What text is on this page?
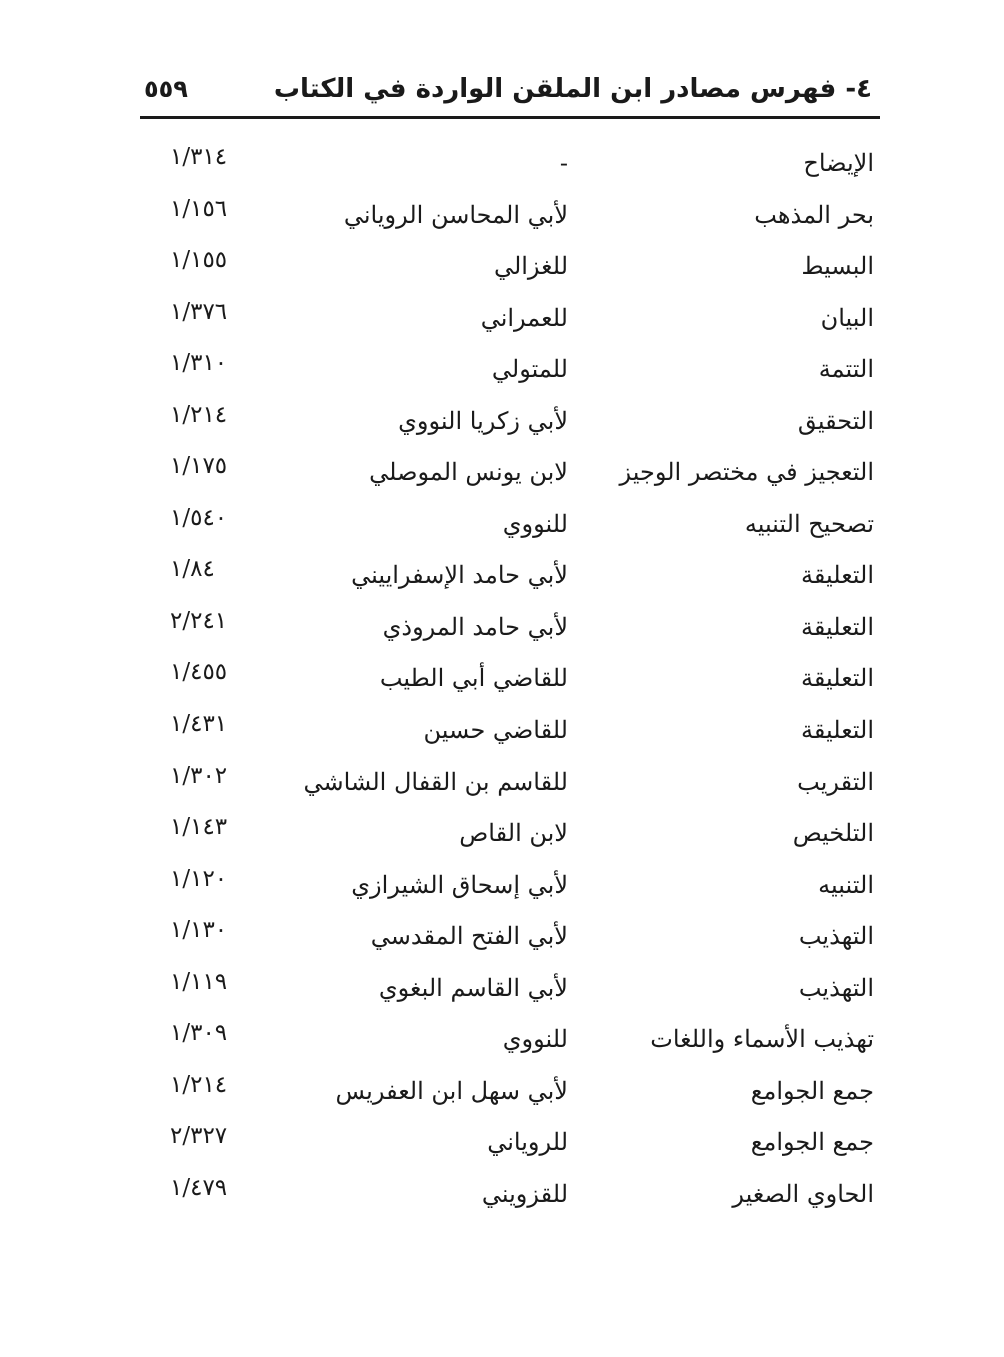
٤- فهرس مصادر ابن الملقن الواردة في الكتاب
٥٥٩
الإيضاح
-
١/٣١٤
بحر المذهب
لأبي المحاسن الروياني
١/١٥٦
البسيط
للغزالي
١/١٥٥
البيان
للعمراني
١/٣٧٦
التتمة
للمتولي
١/٣١٠
التحقيق
لأبي زكريا النووي
١/٢١٤
التعجيز في مختصر الوجيز
لابن يونس الموصلي
١/١٧٥
تصحيح التنبيه
للنووي
١/٥٤٠
التعليقة
لأبي حامد الإسفراييني
١/٨٤
التعليقة
لأبي حامد المروذي
٢/٢٤١
التعليقة
للقاضي أبي الطيب
١/٤٥٥
التعليقة
للقاضي حسين
١/٤٣١
التقريب
للقاسم بن القفال الشاشي
١/٣٠٢
التلخيص
لابن القاص
١/١٤٣
التنبيه
لأبي إسحاق الشيرازي
١/١٢٠
التهذيب
لأبي الفتح المقدسي
١/١٣٠
التهذيب
لأبي القاسم البغوي
١/١١٩
تهذيب الأسماء واللغات
للنووي
١/٣٠٩
جمع الجوامع
لأبي سهل ابن العفريس
١/٢١٤
جمع الجوامع
للروياني
٢/٣٢٧
الحاوي الصغير
للقزويني
١/٤٧٩
